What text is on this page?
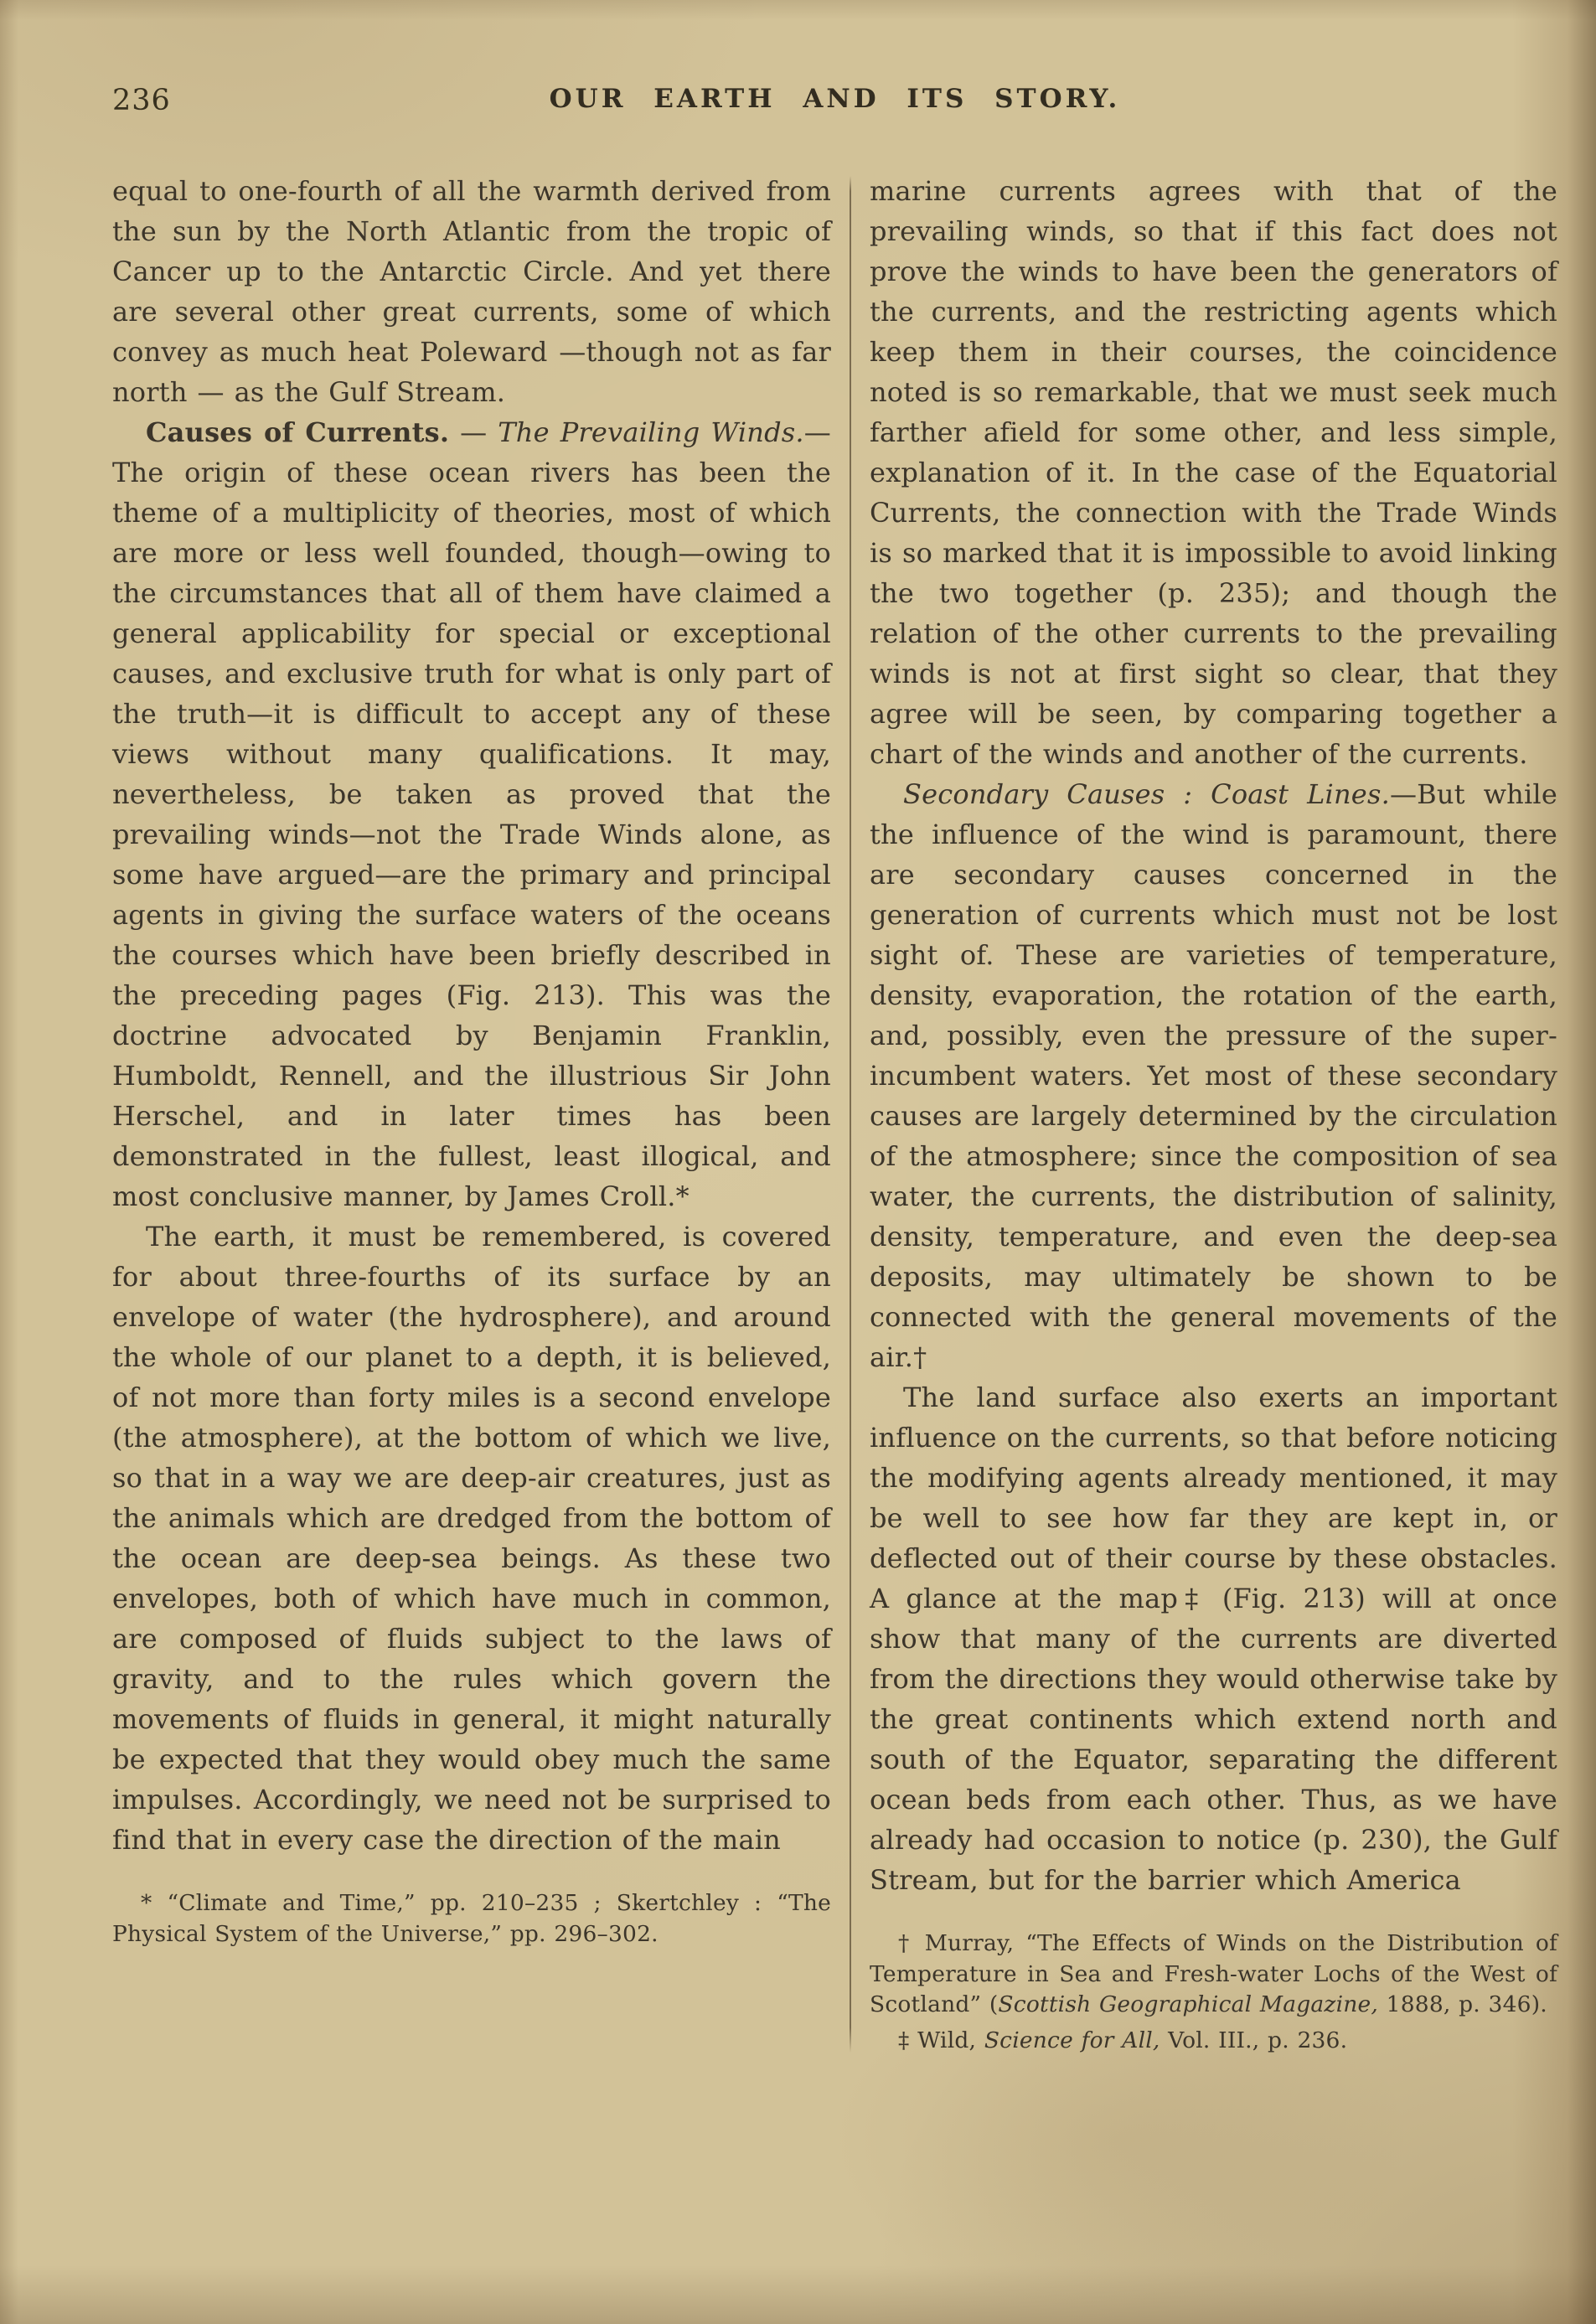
236	OUR EARTH AND ITS STORY.

equal to one-fourth of all the warmth derived from the sun by the North Atlantic from the tropic of Cancer up to the Antarctic Circle. And yet there are several other great currents, some of which convey as much heat Poleward —though not as far north — as the Gulf Stream.

Causes of Currents. — The Prevailing Winds.—The origin of these ocean rivers has been the theme of a multiplicity of theories, most of which are more or less well founded, though—owing to the circumstances that all of them have claimed a general applicability for special or exceptional causes, and exclusive truth for what is only part of the truth—it is difficult to accept any of these views without many qualifications. It may, nevertheless, be taken as proved that the prevailing winds—not the Trade Winds alone, as some have argued—are the primary and principal agents in giving the surface waters of the oceans the courses which have been briefly described in the preceding pages (Fig. 213). This was the doctrine advocated by Benjamin Franklin, Humboldt, Rennell, and the illustrious Sir John Herschel, and in later times has been demonstrated in the fullest, least illogical, and most conclusive manner, by James Croll.*

The earth, it must be remembered, is covered for about three-fourths of its surface by an envelope of water (the hydrosphere), and around the whole of our planet to a depth, it is believed, of not more than forty miles is a second envelope (the atmosphere), at the bottom of which we live, so that in a way we are deep-air creatures, just as the animals which are dredged from the bottom of the ocean are deep-sea beings. As these two envelopes, both of which have much in common, are composed of fluids subject to the laws of gravity, and to the rules which govern the movements of fluids in general, it might naturally be expected that they would obey much the same impulses. Accordingly, we need not be surprised to find that in every case the direction of the main

* “Climate and Time,” pp. 210–235 ; Skertchley : “The Physical System of the Universe,” pp. 296–302.

marine currents agrees with that of the prevailing winds, so that if this fact does not prove the winds to have been the generators of the currents, and the restricting agents which keep them in their courses, the coincidence noted is so remarkable, that we must seek much farther afield for some other, and less simple, explanation of it. In the case of the Equatorial Currents, the connection with the Trade Winds is so marked that it is impossible to avoid linking the two together (p. 235); and though the relation of the other currents to the prevailing winds is not at first sight so clear, that they agree will be seen, by comparing together a chart of the winds and another of the currents.

Secondary Causes : Coast Lines.—But while the influence of the wind is paramount, there are secondary causes concerned in the generation of currents which must not be lost sight of. These are varieties of temperature, density, evaporation, the rotation of the earth, and, possibly, even the pressure of the super-incumbent waters. Yet most of these secondary causes are largely determined by the circulation of the atmosphere; since the composition of sea water, the currents, the distribution of salinity, density, temperature, and even the deep-sea deposits, may ultimately be shown to be connected with the general movements of the air.†

The land surface also exerts an important influence on the currents, so that before noticing the modifying agents already mentioned, it may be well to see how far they are kept in, or deflected out of their course by these obstacles. A glance at the map‡ (Fig. 213) will at once show that many of the currents are diverted from the directions they would otherwise take by the great continents which extend north and south of the Equator, separating the different ocean beds from each other. Thus, as we have already had occasion to notice (p. 230), the Gulf Stream, but for the barrier which America

† Murray, “The Effects of Winds on the Distribution of Temperature in Sea and Fresh-water Lochs of the West of Scotland” (Scottish Geographical Magazine, 1888, p. 346).

‡ Wild, Science for All, Vol. III., p. 236.
